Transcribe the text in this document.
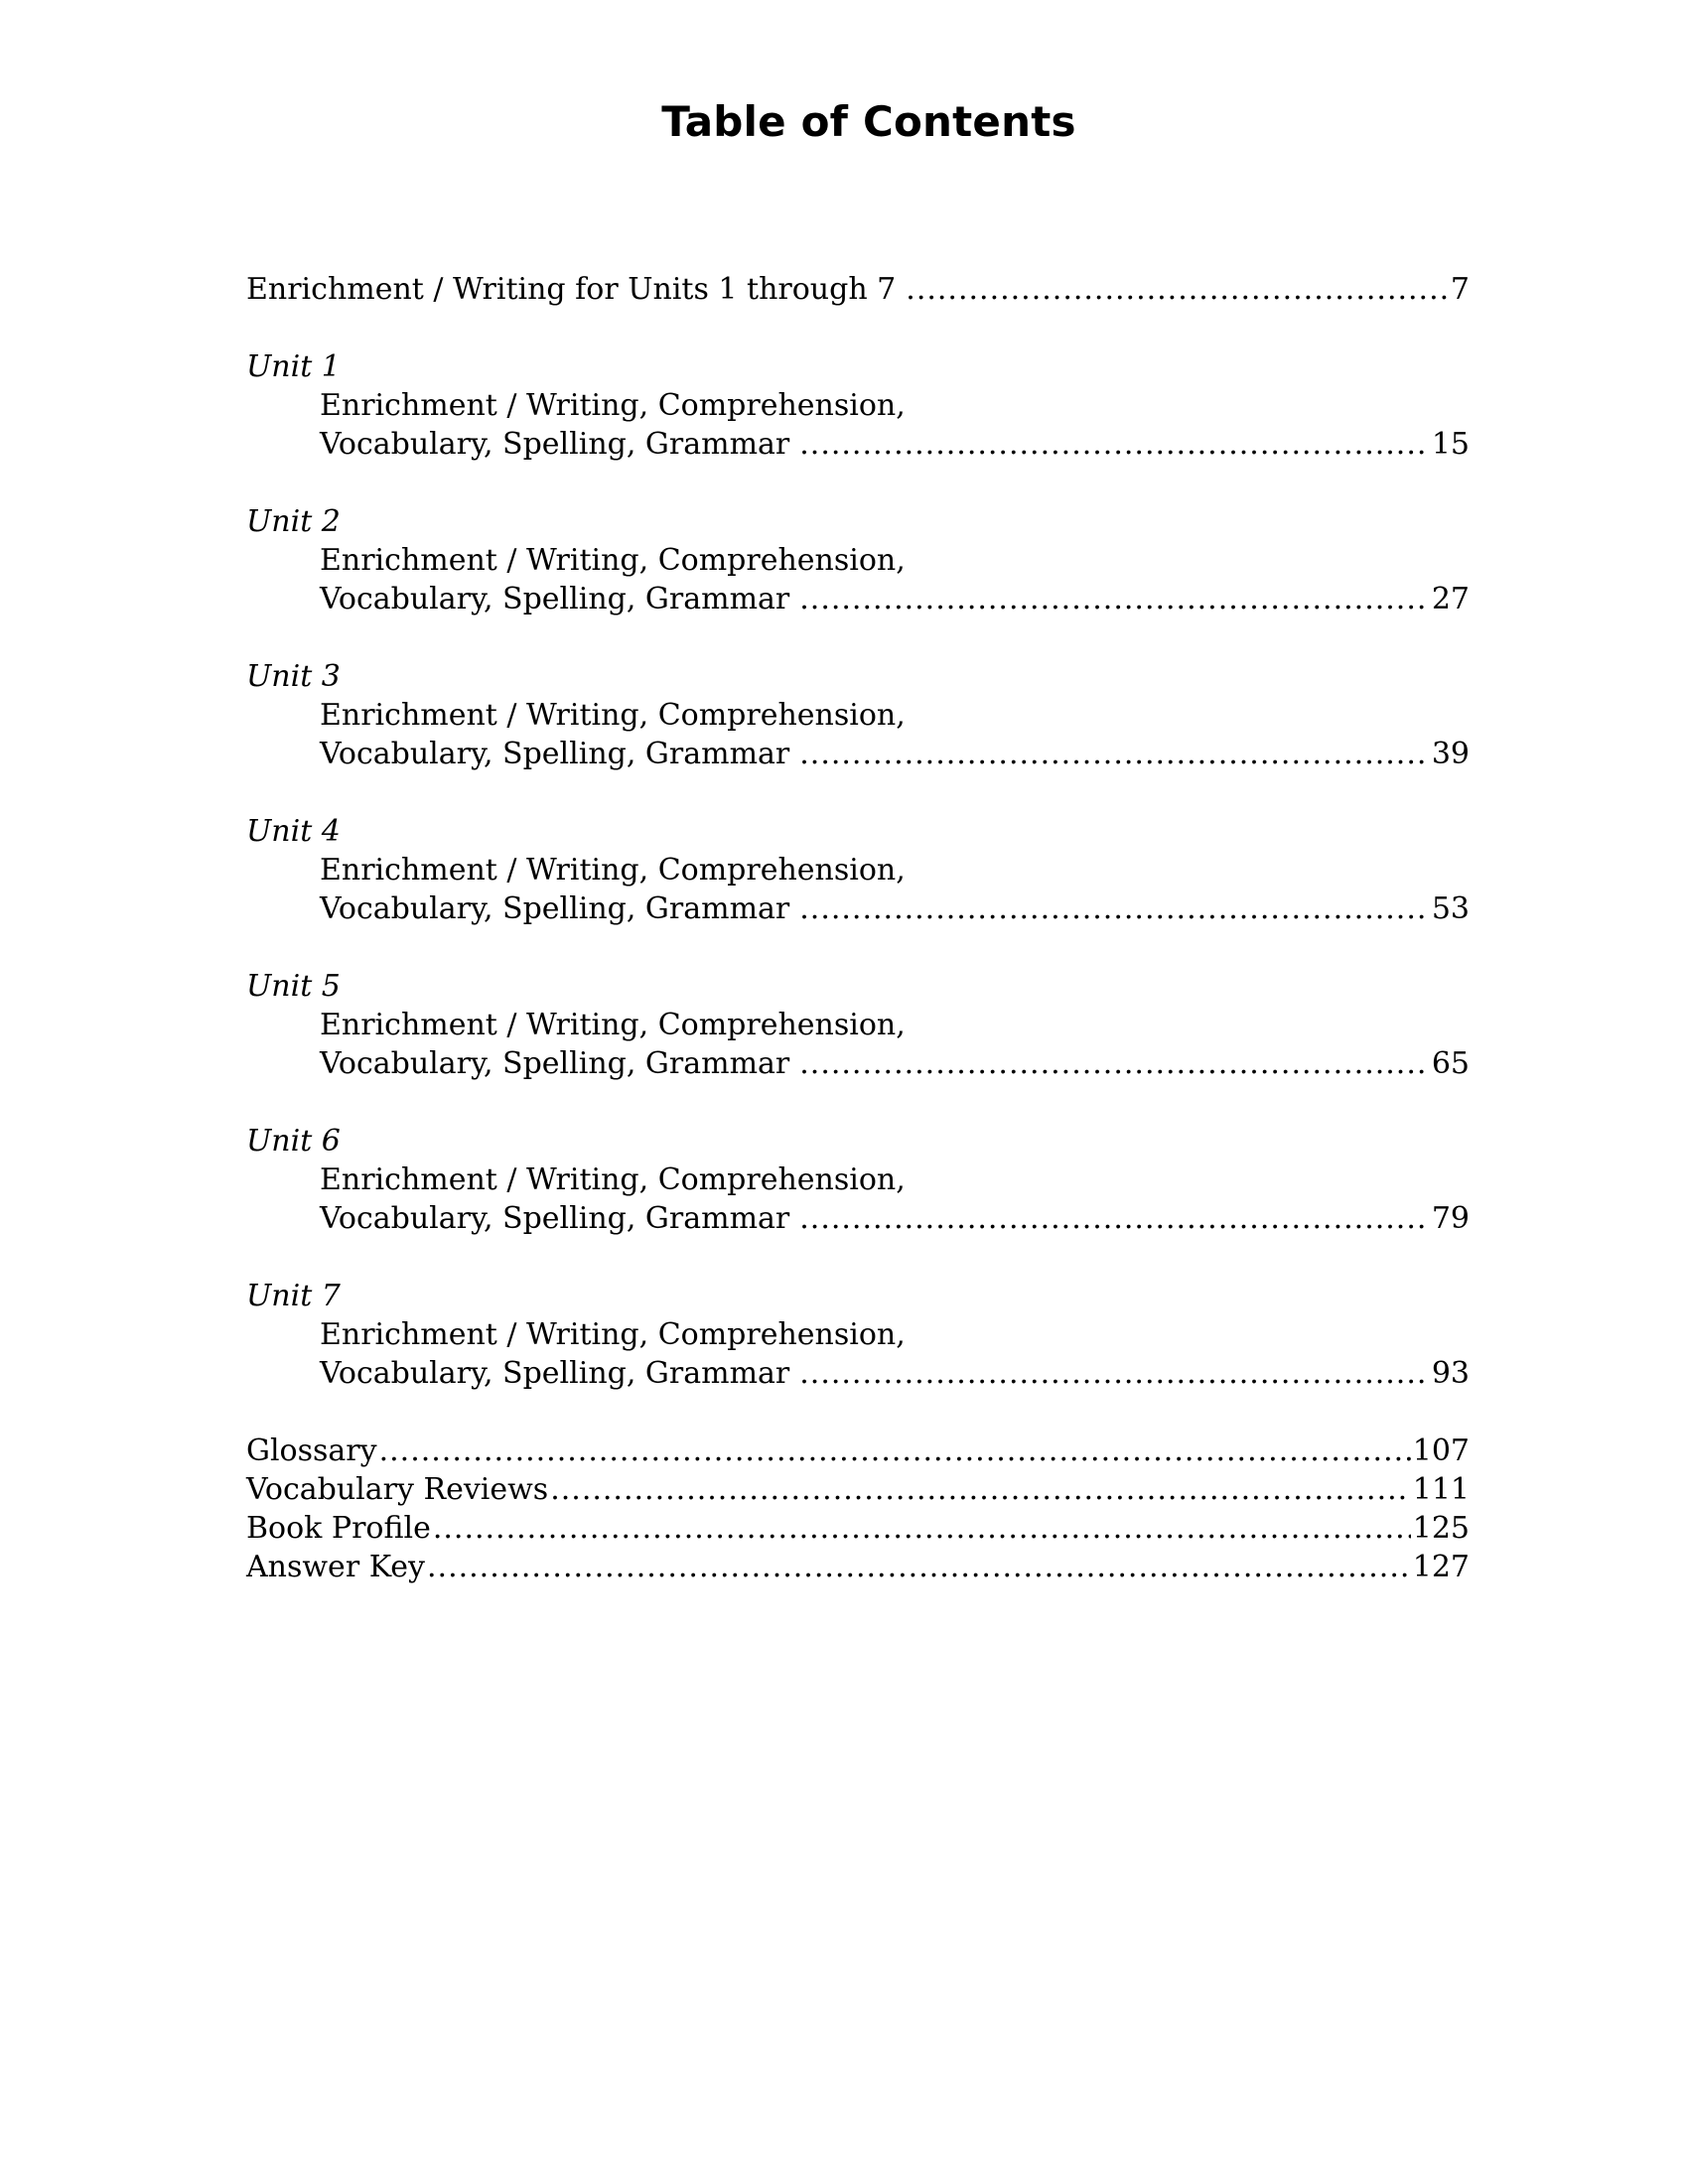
Table of Contents
Enrichment / Writing for Units 1 through 7 .....	7
Unit 1
Enrichment / Writing, Comprehension,
Vocabulary, Spelling, Grammar .....	15
Unit 2
Enrichment / Writing, Comprehension,
Vocabulary, Spelling, Grammar .....	27
Unit 3
Enrichment / Writing, Comprehension,
Vocabulary, Spelling, Grammar .....	39
Unit 4
Enrichment / Writing, Comprehension,
Vocabulary, Spelling, Grammar .....	53
Unit 5
Enrichment / Writing, Comprehension,
Vocabulary, Spelling, Grammar .....	65
Unit 6
Enrichment / Writing, Comprehension,
Vocabulary, Spelling, Grammar .....	79
Unit 7
Enrichment / Writing, Comprehension,
Vocabulary, Spelling, Grammar .....	93
Glossary .....	107
Vocabulary Reviews .....	111
Book Profile .....	125
Answer Key .....	127
